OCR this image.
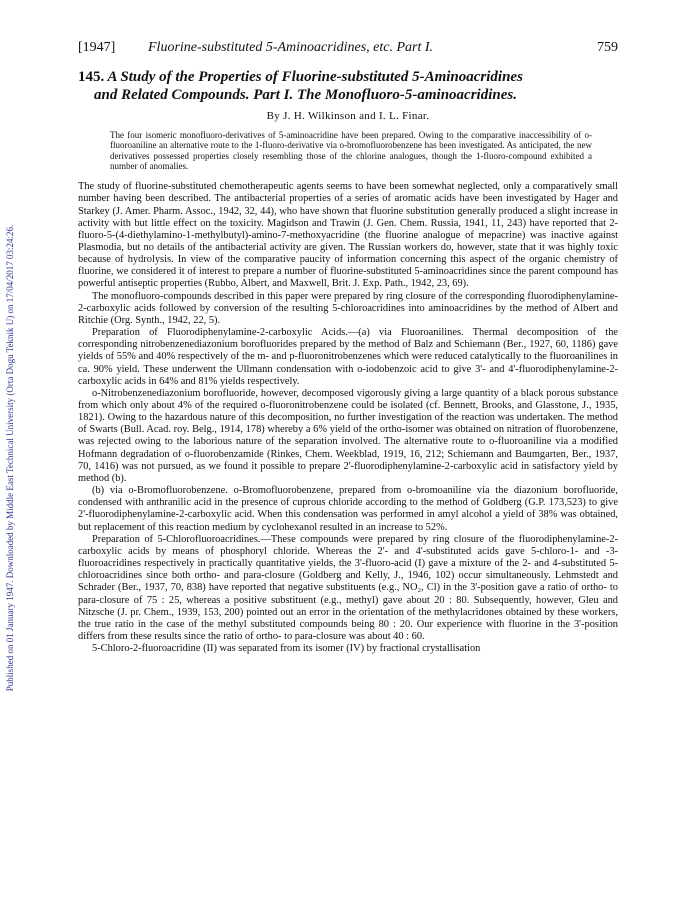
Published on 01 January 1947. Downloaded by Middle East Technical University (Orta Dogu Teknik U) on 17/04/2017 03:24:26.
[1947] Fluorine-substituted 5-Aminoacridines, etc. Part I.	759
145. A Study of the Properties of Fluorine-substituted 5-Aminoacridines
and Related Compounds. Part I. The Monofluoro-5-aminoacridines.
By J. H. Wilkinson and I. L. Finar.
The four isomeric monofluoro-derivatives of 5-aminoacridine have been prepared. Owing to the comparative inaccessibility of o-fluoroaniline an alternative route to the 1-fluoro-derivative via o-bromofluorobenzene has been investigated. As anticipated, the new derivatives possessed properties closely resembling those of the chlorine analogues, though the 1-fluoro-compound exhibited a number of anomalies.

The study of fluorine-substituted chemotherapeutic agents seems to have been somewhat neglected, only a comparatively small number having been described. The antibacterial properties of a series of aromatic acids have been investigated by Hager and Starkey (J. Amer. Pharm. Assoc., 1942, 32, 44), who have shown that fluorine substitution generally produced a slight increase in activity with but little effect on the toxicity. Magidson and Trawin (J. Gen. Chem. Russia, 1941, 11, 243) have reported that 2-fluoro-5-(4-diethylamino-1-methylbutyl)-amino-7-methoxyacridine (the fluorine analogue of mepacrine) was inactive against Plasmodia, but no details of the antibacterial activity are given. The Russian workers do, however, state that it was highly toxic because of hydrolysis. In view of the comparative paucity of information concerning this aspect of the organic chemistry of fluorine, we considered it of interest to prepare a number of fluorine-substituted 5-aminoacridines since the parent compound has powerful antiseptic properties (Rubbo, Albert, and Maxwell, Brit. J. Exp. Path., 1942, 23, 69).

The monofluoro-compounds described in this paper were prepared by ring closure of the corresponding fluorodiphenylamine-2-carboxylic acids followed by conversion of the resulting 5-chloroacridines into aminoacridines by the method of Albert and Ritchie (Org. Synth., 1942, 22, 5).

Preparation of Fluorodiphenylamine-2-carboxylic Acids.—(a) via Fluoroanilines. Thermal decomposition of the corresponding nitrobenzenediazonium borofluorides prepared by the method of Balz and Schiemann (Ber., 1927, 60, 1186) gave yields of 55% and 40% respectively of the m- and p-fluoronitrobenzenes which were reduced catalytically to the fluoroanilines in ca. 90% yield. These underwent the Ullmann condensation with o-iodobenzoic acid to give 3'- and 4'-fluorodiphenylamine-2-carboxylic acids in 64% and 81% yields respectively.

o-Nitrobenzenediazonium borofluoride, however, decomposed vigorously giving a large quantity of a black porous substance from which only about 4% of the required o-fluoronitrobenzene could be isolated (cf. Bennett, Brooks, and Glasstone, J., 1935, 1821). Owing to the hazardous nature of this decomposition, no further investigation of the reaction was undertaken. The method of Swarts (Bull. Acad. roy. Belg., 1914, 178) whereby a 6% yield of the ortho-isomer was obtained on nitration of fluorobenzene, was rejected owing to the laborious nature of the separation involved. The alternative route to o-fluoroaniline via a modified Hofmann degradation of o-fluorobenzamide (Rinkes, Chem. Weekblad, 1919, 16, 212; Schiemann and Baumgarten, Ber., 1937, 70, 1416) was not pursued, as we found it possible to prepare 2'-fluorodiphenylamine-2-carboxylic acid in satisfactory yield by method (b).

(b) via o-Bromofluorobenzene. o-Bromofluorobenzene, prepared from o-bromoaniline via the diazonium borofluoride, condensed with anthranilic acid in the presence of cuprous chloride according to the method of Goldberg (G.P. 173,523) to give 2'-fluorodiphenylamine-2-carboxylic acid. When this condensation was performed in amyl alcohol a yield of 38% was obtained, but replacement of this reaction medium by cyclohexanol resulted in an increase to 52%.

Preparation of 5-Chlorofluoroacridines.—These compounds were prepared by ring closure of the fluorodiphenylamine-2-carboxylic acids by means of phosphoryl chloride. Whereas the 2'- and 4'-substituted acids gave 5-chloro-1- and -3-fluoroacridines respectively in practically quantitative yields, the 3'-fluoro-acid (I) gave a mixture of the 2- and 4-substituted 5-chloroacridines since both ortho- and para-closure (Goldberg and Kelly, J., 1946, 102) occur simultaneously. Lehmstedt and Schrader (Ber., 1937, 70, 838) have reported that negative substituents (e.g., NO₂, Cl) in the 3'-position gave a ratio of ortho- to para-closure of 75 : 25, whereas a positive substituent (e.g., methyl) gave about 20 : 80. Subsequently, however, Gleu and Nitzsche (J. pr. Chem., 1939, 153, 200) pointed out an error in the orientation of the methylacridones obtained by these workers, the true ratio in the case of the methyl substituted compounds being 80 : 20. Our experience with fluorine in the 3'-position differs from these results since the ratio of ortho- to para-closure was about 40 : 60.

5-Chloro-2-fluoroacridine (II) was separated from its isomer (IV) by fractional crystallisation
